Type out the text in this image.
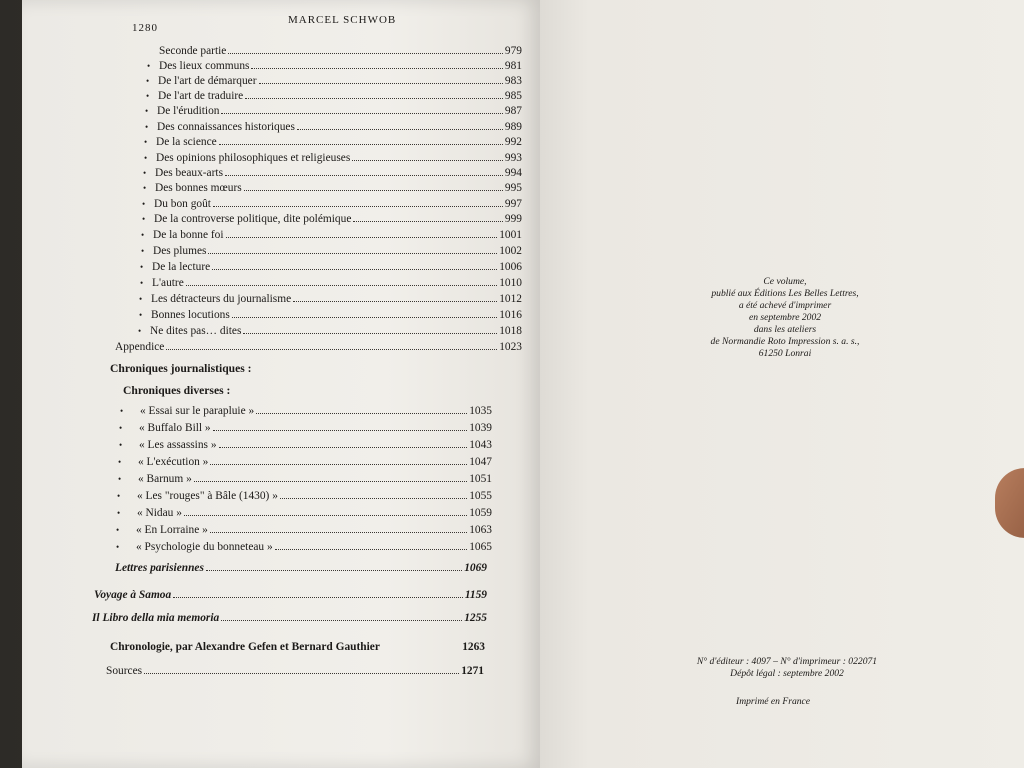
1280
MARCEL SCHWOB
Seconde partie	979
• Des lieux communs	981
• De l'art de démarquer	983
• De l'art de traduire	985
• De l'érudition	987
• Des connaissances historiques	989
• De la science	992
• Des opinions philosophiques et religieuses	993
• Des beaux-arts	994
• Des bonnes mœurs	995
• Du bon goût	997
• De la controverse politique, dite polémique	999
• De la bonne foi	1001
• Des plumes	1002
• De la lecture	1006
• L'autre	1010
• Les détracteurs du journalisme	1012
• Bonnes locutions	1016
• Ne dites pas… dites	1018
Appendice	1023
Chroniques journalistiques :
Chroniques diverses :
•	« Essai sur le parapluie »	1035
•	« Buffalo Bill »	1039
•	« Les assassins »	1043
•	« L'exécution »	1047
•	« Barnum »	1051
•	« Les "rouges" à Bâle (1430) »	1055
•	« Nidau »	1059
•	« En Lorraine »	1063
•	« Psychologie du bonneteau »	1065
Lettres parisiennes	1069
Voyage à Samoa	1159
Il Libro della mia memoria	1255
Chronologie, par Alexandre Gefen et Bernard Gauthier	1263
Sources	1271
Ce volume,
publié aux Éditions Les Belles Lettres,
a été achevé d'imprimer
en septembre 2002
dans les ateliers
de Normandie Roto Impression s. a. s.,
61250 Lonrai
N° d'éditeur : 4097 – N° d'imprimeur : 022071
Dépôt légal : septembre 2002
Imprimé en France
